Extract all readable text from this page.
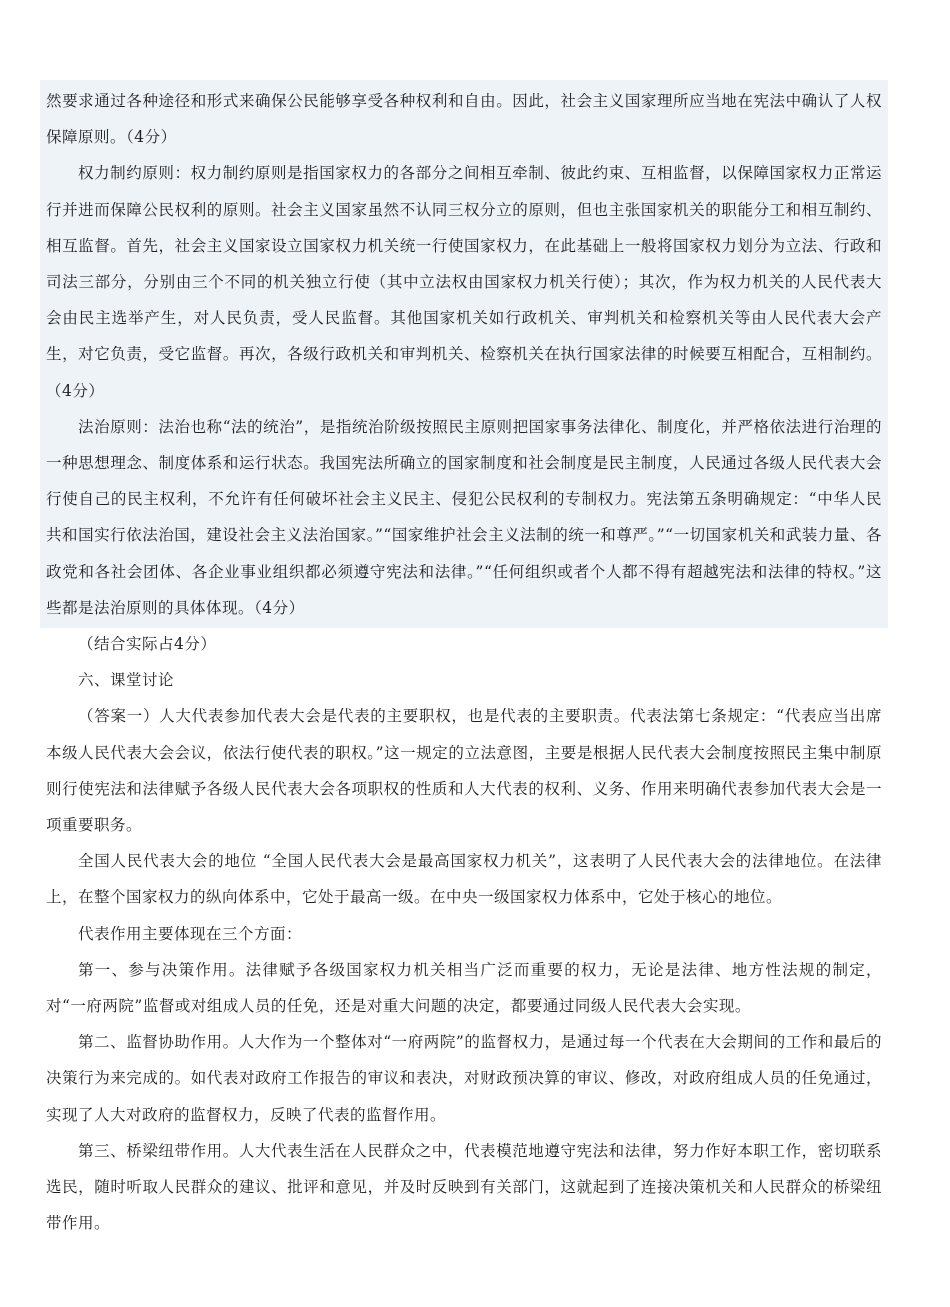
然要求通过各种途径和形式来确保公民能够享受各种权利和自由。因此，社会主义国家理所应当地在宪法中确认了人权保障原则。（4分）

权力制约原则：权力制约原则是指国家权力的各部分之间相互牵制、彼此约束、互相监督，以保障国家权力正常运行并进而保障公民权利的原则。社会主义国家虽然不认同三权分立的原则，但也主张国家机关的职能分工和相互制约、相互监督。首先，社会主义国家设立国家权力机关统一行使国家权力，在此基础上一般将国家权力划分为立法、行政和司法三部分，分别由三个不同的机关独立行使（其中立法权由国家权力机关行使）；其次，作为权力机关的人民代表大会由民主选举产生，对人民负责，受人民监督。其他国家机关如行政机关、审判机关和检察机关等由人民代表大会产生，对它负责，受它监督。再次，各级行政机关和审判机关、检察机关在执行国家法律的时候要互相配合，互相制约。（4分）

法治原则：法治也称“法的统治”，是指统治阶级按照民主原则把国家事务法律化、制度化，并严格依法进行治理的一种思想理念、制度体系和运行状态。我国宪法所确立的国家制度和社会制度是民主制度，人民通过各级人民代表大会行使自己的民主权利，不允许有任何破坏社会主义民主、侵犯公民权利的专制权力。宪法第五条明确规定：“中华人民共和国实行依法治国，建设社会主义法治国家。”“国家维护社会主义法制的统一和尊严。”“一切国家机关和武装力量、各政党和各社会团体、各企业事业组织都必须遵守宪法和法律。”“任何组织或者个人都不得有超越宪法和法律的特权。”这些都是法治原则的具体体现。（4分）

（结合实际占4分）

六、课堂讨论

（答案一）人大代表参加代表大会是代表的主要职权，也是代表的主要职责。代表法第七条规定：“代表应当出席本级人民代表大会会议，依法行使代表的职权。”这一规定的立法意图，主要是根据人民代表大会制度按照民主集中制原则行使宪法和法律赋予各级人民代表大会各项职权的性质和人大代表的权利、义务、作用来明确代表参加代表大会是一项重要职务。

全国人民代表大会的地位 “全国人民代表大会是最高国家权力机关”，这表明了人民代表大会的法律地位。在法律上，在整个国家权力的纵向体系中，它处于最高一级。在中央一级国家权力体系中，它处于核心的地位。

代表作用主要体现在三个方面：

第一、参与决策作用。法律赋予各级国家权力机关相当广泛而重要的权力，无论是法律、地方性法规的制定，对“一府两院”监督或对组成人员的任免，还是对重大问题的决定，都要通过同级人民代表大会实现。

第二、监督协助作用。人大作为一个整体对“一府两院”的监督权力，是通过每一个代表在大会期间的工作和最后的决策行为来完成的。如代表对政府工作报告的审议和表决，对财政预决算的审议、修改，对政府组成人员的任免通过，实现了人大对政府的监督权力，反映了代表的监督作用。

第三、桥梁纽带作用。人大代表生活在人民群众之中，代表模范地遵守宪法和法律，努力作好本职工作，密切联系选民，随时听取人民群众的建议、批评和意见，并及时反映到有关部门，这就起到了连接决策机关和人民群众的桥梁纽带作用。
